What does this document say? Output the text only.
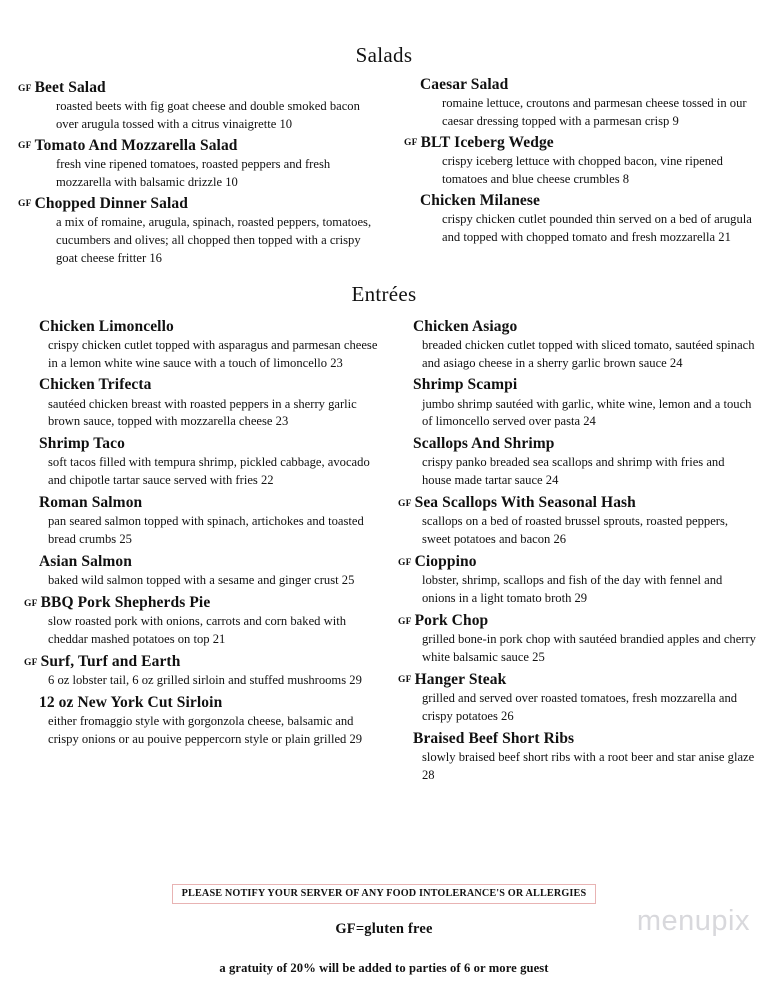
menupix
Salads
GF Beet Salad
roasted beets with fig goat cheese and double smoked bacon over arugula tossed with a citrus vinaigrette 10
GF Tomato And Mozzarella Salad
fresh vine ripened tomatoes, roasted peppers and fresh mozzarella with balsamic drizzle 10
GF Chopped Dinner Salad
a mix of romaine, arugula, spinach, roasted peppers, tomatoes, cucumbers and olives; all chopped then topped with a crispy goat cheese fritter 16
Caesar Salad
romaine lettuce, croutons and parmesan cheese tossed in our caesar dressing topped with a parmesan crisp 9
GF BLT Iceberg Wedge
crispy iceberg lettuce with chopped bacon, vine ripened tomatoes and blue cheese crumbles 8
Chicken Milanese
crispy chicken cutlet pounded thin served on a bed of arugula and topped with chopped tomato and fresh mozzarella 21
Entrées
Chicken Limoncello
crispy chicken cutlet topped with asparagus and parmesan cheese in a lemon white wine sauce with a touch of limoncello 23
Chicken Trifecta
sautéed chicken breast with roasted peppers in a sherry garlic brown sauce, topped with mozzarella cheese 23
Shrimp Taco
soft tacos filled with tempura shrimp, pickled cabbage, avocado and chipotle tartar sauce served with fries 22
Roman Salmon
pan seared salmon topped with spinach, artichokes and toasted bread crumbs 25
Asian Salmon
baked wild salmon topped with a sesame and ginger crust 25
GF BBQ Pork Shepherds Pie
slow roasted pork with onions, carrots and corn baked with cheddar mashed potatoes on top 21
GF Surf, Turf and Earth
6 oz lobster tail, 6 oz grilled sirloin and stuffed mushrooms 29
12 oz New York Cut Sirloin
either fromaggio style with gorgonzola cheese, balsamic and crispy onions or au pouive peppercorn style or plain grilled 29
Chicken Asiago
breaded chicken cutlet topped with sliced tomato, sautéed spinach and asiago cheese in a sherry garlic brown sauce 24
Shrimp Scampi
jumbo shrimp sautéed with garlic, white wine, lemon and a touch of limoncello served over pasta 24
Scallops And Shrimp
crispy panko breaded sea scallops and shrimp with fries and house made tartar sauce 24
GF Sea Scallops With Seasonal Hash
scallops on a bed of roasted brussel sprouts, roasted peppers, sweet potatoes and bacon 26
GF Cioppino
lobster, shrimp, scallops and fish of the day with fennel and onions in a light tomato broth 29
GF Pork Chop
grilled bone-in pork chop with sautéed brandied apples and cherry white balsamic sauce 25
GF Hanger Steak
grilled and served over roasted tomatoes, fresh mozzarella and crispy potatoes 26
Braised Beef Short Ribs
slowly braised beef short ribs with a root beer and star anise glaze 28
PLEASE NOTIFY YOUR SERVER OF ANY FOOD INTOLERANCE'S OR ALLERGIES
GF=gluten free
a gratuity of 20% will be added to parties of 6 or more guest
